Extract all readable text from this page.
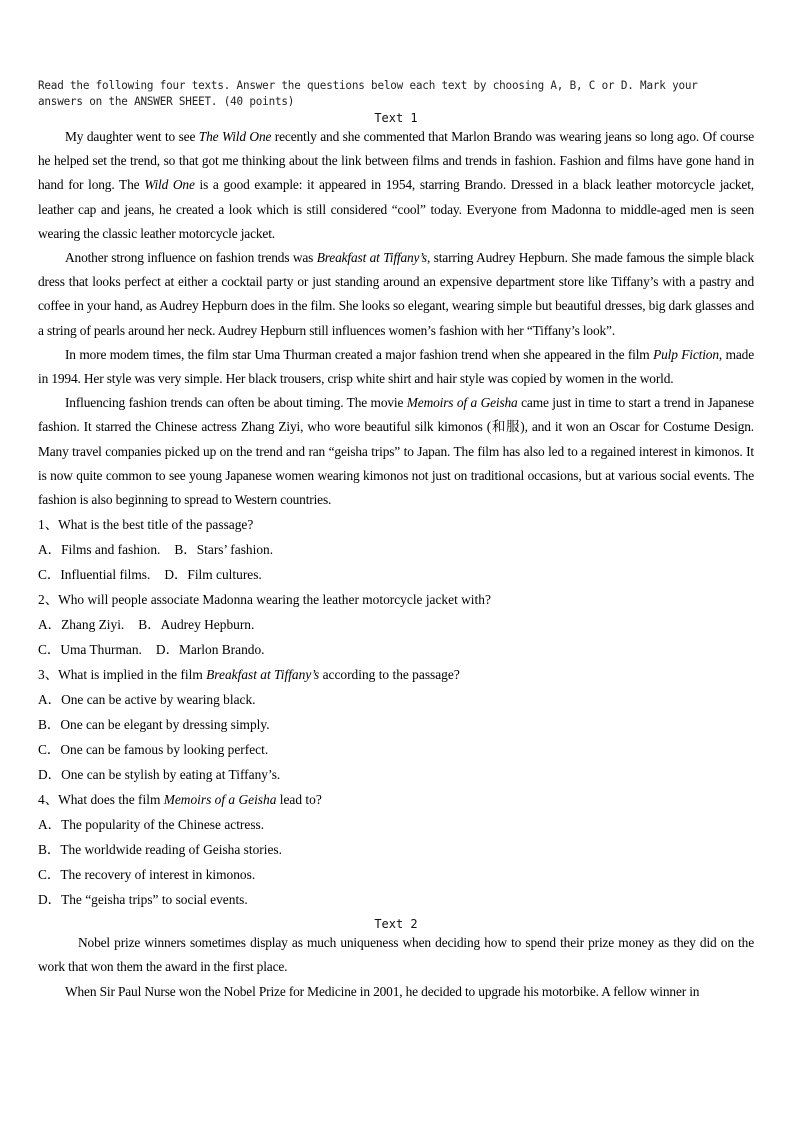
Read the following four texts. Answer the questions below each text by choosing A, B, C or D. Mark your answers on the ANSWER SHEET. (40 points)
Text 1

My daughter went to see The Wild One recently and she commented that Marlon Brando was wearing jeans so long ago. Of course he helped set the trend, so that got me thinking about the link between films and trends in fashion. Fashion and films have gone hand in hand for long. The Wild One is a good example: it appeared in 1954, starring Brando. Dressed in a black leather motorcycle jacket, leather cap and jeans, he created a look which is still considered “cool” today. Everyone from Madonna to middle-aged men is seen wearing the classic leather motorcycle jacket.

Another strong influence on fashion trends was Breakfast at Tiffany’s, starring Audrey Hepburn. She made famous the simple black dress that looks perfect at either a cocktail party or just standing around an expensive department store like Tiffany’s with a pastry and coffee in your hand, as Audrey Hepburn does in the film. She looks so elegant, wearing simple but beautiful dresses, big dark glasses and a string of pearls around her neck. Audrey Hepburn still influences women’s fashion with her “Tiffany’s look”.

In more modem times, the film star Uma Thurman created a major fashion trend when she appeared in the film Pulp Fiction, made in 1994. Her style was very simple. Her black trousers, crisp white shirt and hair style was copied by women in the world.

Influencing fashion trends can often be about timing. The movie Memoirs of a Geisha came just in time to start a trend in Japanese fashion. It starred the Chinese actress Zhang Ziyi, who wore beautiful silk kimonos (和服), and it won an Oscar for Costume Design. Many travel companies picked up on the trend and ran “geisha trips” to Japan. The film has also led to a regained interest in kimonos. It is now quite common to see young Japanese women wearing kimonos not just on traditional occasions, but at various social events. The fashion is also beginning to spread to Western countries.

1、What is the best title of the passage?

A．Films and fashion. B．Stars’ fashion.

C．Influential films. D．Film cultures.

2、Who will people associate Madonna wearing the leather motorcycle jacket with?

A．Zhang Ziyi. B．Audrey Hepburn.

C．Uma Thurman. D．Marlon Brando.

3、What is implied in the film Breakfast at Tiffany’s according to the passage?

A．One can be active by wearing black.

B．One can be elegant by dressing simply.

C．One can be famous by looking perfect.

D．One can be stylish by eating at Tiffany’s.

4、What does the film Memoirs of a Geisha lead to?

A．The popularity of the Chinese actress.

B．The worldwide reading of Geisha stories.

C．The recovery of interest in kimonos.

D．The “geisha trips” to social events.

Text 2

Nobel prize winners sometimes display as much uniqueness when deciding how to spend their prize money as they did on the work that won them the award in the first place.

When Sir Paul Nurse won the Nobel Prize for Medicine in 2001, he decided to upgrade his motorbike. A fellow winner in
